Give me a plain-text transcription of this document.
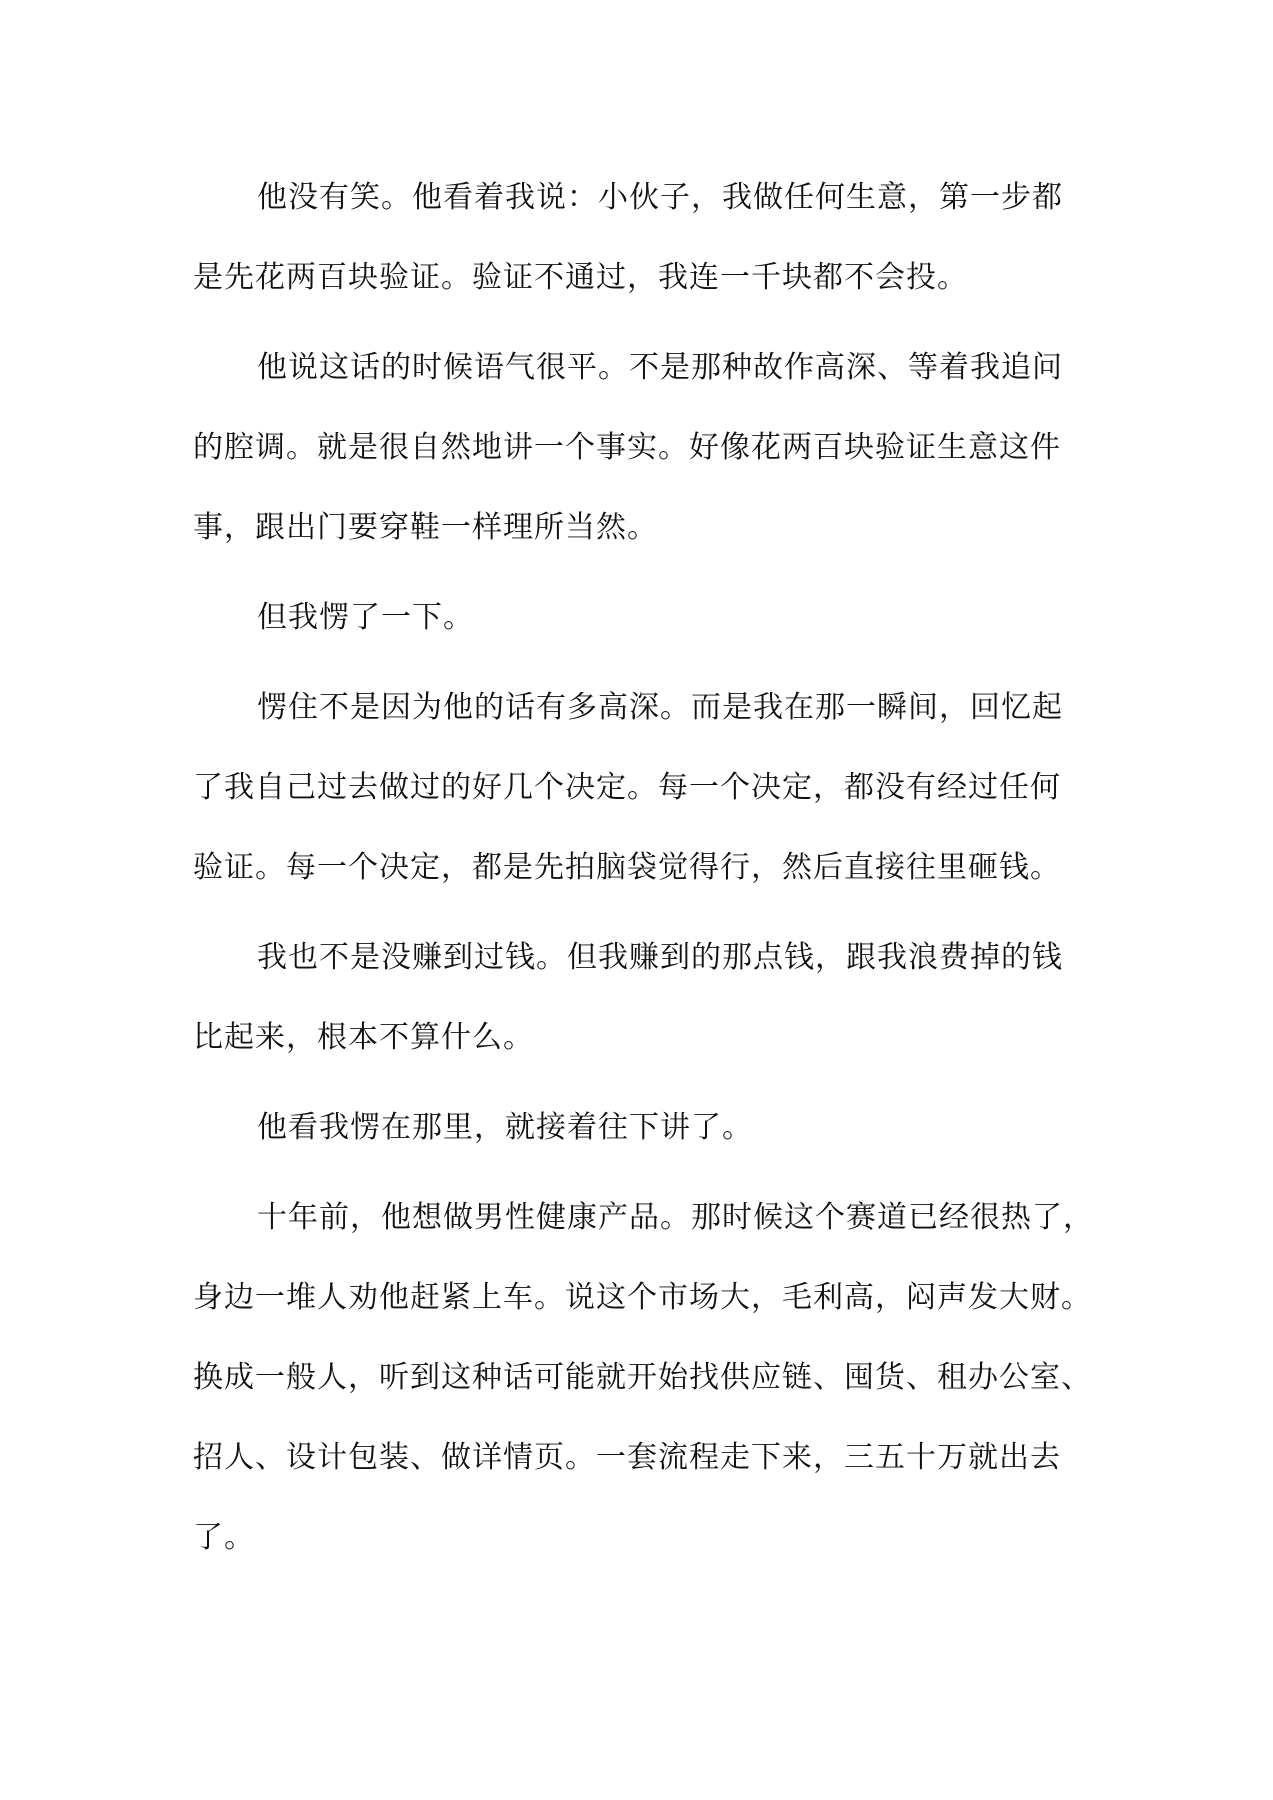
他没有笑。他看着我说：小伙子，我做任何生意，第一步都
是先花两百块验证。验证不通过，我连一千块都不会投。
他说这话的时候语气很平。不是那种故作高深、等着我追问
的腔调。就是很自然地讲一个事实。好像花两百块验证生意这件
事，跟出门要穿鞋一样理所当然。
但我愣了一下。
愣住不是因为他的话有多高深。而是我在那一瞬间，回忆起
了我自己过去做过的好几个决定。每一个决定，都没有经过任何
验证。每一个决定，都是先拍脑袋觉得行，然后直接往里砸钱。
我也不是没赚到过钱。但我赚到的那点钱，跟我浪费掉的钱
比起来，根本不算什么。
他看我愣在那里，就接着往下讲了。
十年前，他想做男性健康产品。那时候这个赛道已经很热了，
身边一堆人劝他赶紧上车。说这个市场大，毛利高，闷声发大财。
换成一般人，听到这种话可能就开始找供应链、囤货、租办公室、
招人、设计包装、做详情页。一套流程走下来，三五十万就出去
了。
